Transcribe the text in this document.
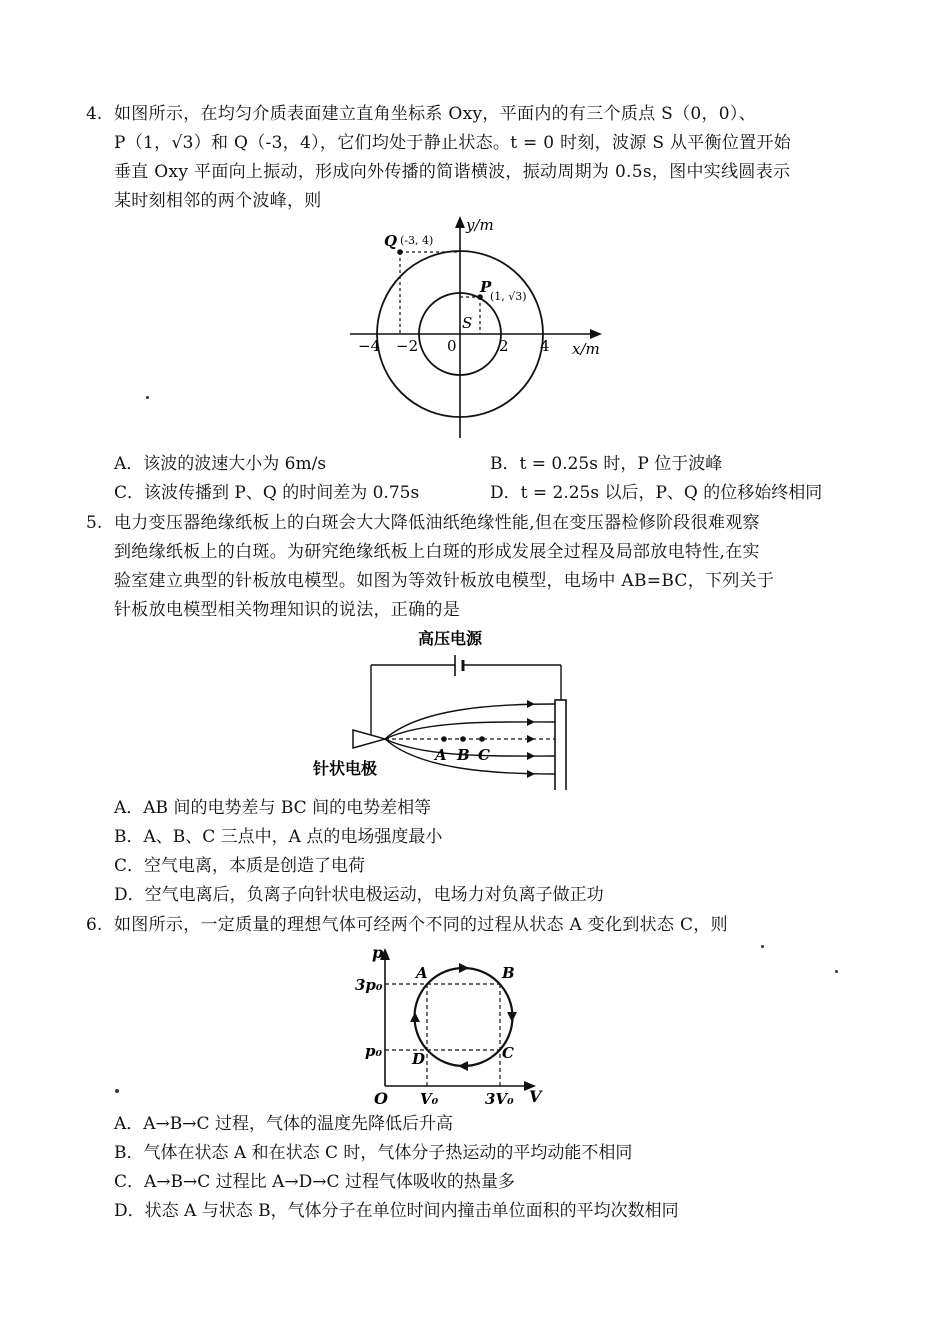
4. 如图所示，在均匀介质表面建立直角坐标系 Oxy，平面内的有三个质点 S（0，0）、
P（1，√3）和 Q（-3，4），它们均处于静止状态。t = 0 时刻，波源 S 从平衡位置开始
垂直 Oxy 平面向上振动，形成向外传播的简谐横波，振动周期为 0.5s，图中实线圆表示
某时刻相邻的两个波峰，则
y/m
x/m
Q (-3, 4)
P
(1, √3)
S
−4 −2 0	2 4
A．该波的波速大小为 6m/s	B．t = 0.25s 时，P 位于波峰
C．该波传播到 P、Q 的时间差为 0.75s	D．t = 2.25s 以后，P、Q 的位移始终相同
5. 电力变压器绝缘纸板上的白斑会大大降低油纸绝缘性能,但在变压器检修阶段很难观察
到绝缘纸板上的白斑。为研究绝缘纸板上白斑的形成发展全过程及局部放电特性,在实
验室建立典型的针板放电模型。如图为等效针板放电模型，电场中 AB=BC，下列关于
针板放电模型相关物理知识的说法，正确的是
高压电源
A B C
针状电极
A．AB 间的电势差与 BC 间的电势差相等
B．A、B、C 三点中，A 点的电场强度最小
C．空气电离，本质是创造了电荷
D．空气电离后，负离子向针状电极运动，电场力对负离子做正功
6. 如图所示，一定质量的理想气体可经两个不同的过程从状态 A 变化到状态 C，则
p
V
O
3p₀
p₀
V₀	3V₀
A	B
C
D
A．A→B→C 过程，气体的温度先降低后升高
B．气体在状态 A 和在状态 C 时，气体分子热运动的平均动能不相同
C．A→B→C 过程比 A→D→C 过程气体吸收的热量多
D．状态 A 与状态 B，气体分子在单位时间内撞击单位面积的平均次数相同
